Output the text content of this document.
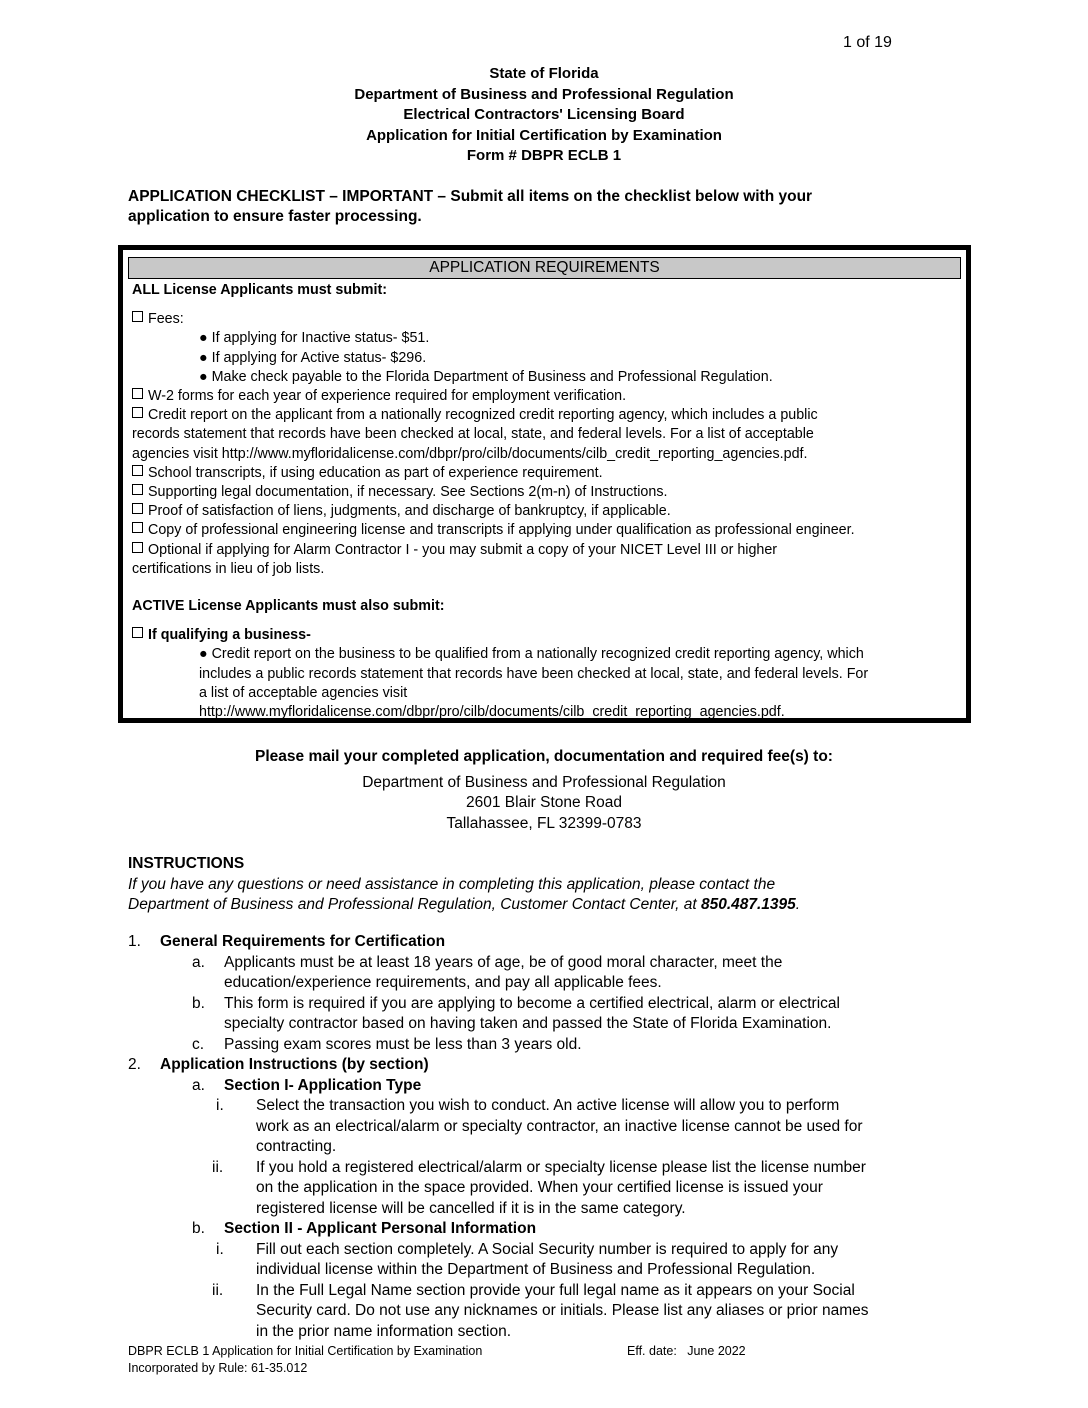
1 of 19
State of Florida
Department of Business and Professional Regulation
Electrical Contractors' Licensing Board
Application for Initial Certification by Examination
Form # DBPR ECLB 1
APPLICATION CHECKLIST – IMPORTANT – Submit all items on the checklist below with your
application to ensure faster processing.
APPLICATION REQUIREMENTS
ALL License Applicants must submit:
Fees:
● If applying for Inactive status- $51.
● If applying for Active status- $296.
● Make check payable to the Florida Department of Business and Professional Regulation.
W-2 forms for each year of experience required for employment verification.
Credit report on the applicant from a nationally recognized credit reporting agency, which includes a public
records statement that records have been checked at local, state, and federal levels. For a list of acceptable
agencies visit http://www.myfloridalicense.com/dbpr/pro/cilb/documents/cilb_credit_reporting_agencies.pdf.
School transcripts, if using education as part of experience requirement.
Supporting legal documentation, if necessary. See Sections 2(m-n) of Instructions.
Proof of satisfaction of liens, judgments, and discharge of bankruptcy, if applicable.
Copy of professional engineering license and transcripts if applying under qualification as professional engineer.
Optional if applying for Alarm Contractor I - you may submit a copy of your NICET Level III or higher
certifications in lieu of job lists.
ACTIVE License Applicants must also submit:
If qualifying a business-
● Credit report on the business to be qualified from a nationally recognized credit reporting agency, which
includes a public records statement that records have been checked at local, state, and federal levels. For
a list of acceptable agencies visit
http://www.myfloridalicense.com/dbpr/pro/cilb/documents/cilb_credit_reporting_agencies.pdf.
Please mail your completed application, documentation and required fee(s) to:
Department of Business and Professional Regulation
2601 Blair Stone Road
Tallahassee, FL 32399-0783
INSTRUCTIONS
If you have any questions or need assistance in completing this application, please contact the
Department of Business and Professional Regulation, Customer Contact Center, at 850.487.1395.
1. General Requirements for Certification
a. Applicants must be at least 18 years of age, be of good moral character, meet the
education/experience requirements, and pay all applicable fees.
b. This form is required if you are applying to become a certified electrical, alarm or electrical
specialty contractor based on having taken and passed the State of Florida Examination.
c. Passing exam scores must be less than 3 years old.
2. Application Instructions (by section)
a. Section I- Application Type
i. Select the transaction you wish to conduct. An active license will allow you to perform
work as an electrical/alarm or specialty contractor, an inactive license cannot be used for
contracting.
ii. If you hold a registered electrical/alarm or specialty license please list the license number
on the application in the space provided. When your certified license is issued your
registered license will be cancelled if it is in the same category.
b. Section II - Applicant Personal Information
i. Fill out each section completely. A Social Security number is required to apply for any
individual license within the Department of Business and Professional Regulation.
ii. In the Full Legal Name section provide your full legal name as it appears on your Social
Security card. Do not use any nicknames or initials. Please list any aliases or prior names
in the prior name information section.
DBPR ECLB 1 Application for Initial Certification by Examination
Incorporated by Rule: 61-35.012
Eff. date: June 2022
